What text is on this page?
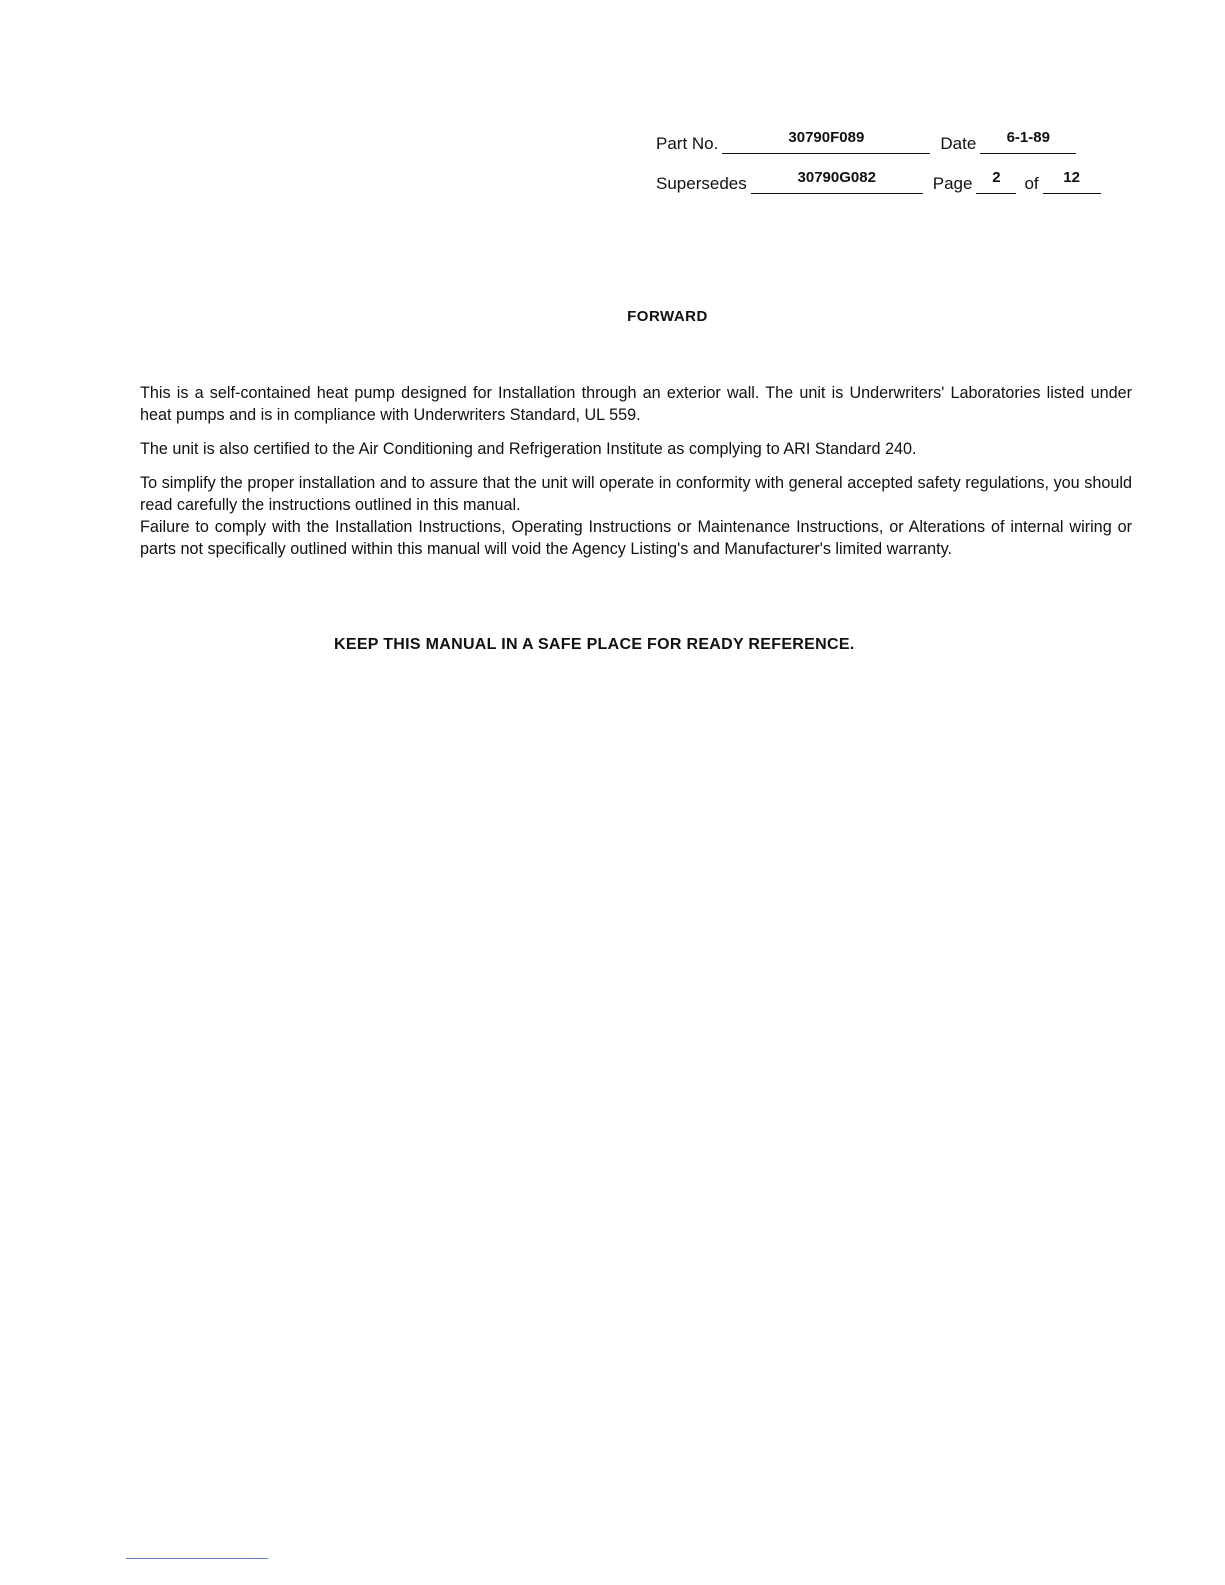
Part No.	30790F089	Date	6-1-89
Supersedes	30790G082	Page	2	of	12
FORWARD

This is a self-contained heat pump designed for Installation through an exterior wall. The unit is Underwriters' Laboratories listed under heat pumps and is in compliance with Underwriters Standard, UL 559.

The unit is also certified to the Air Conditioning and Refrigeration Institute as complying to ARI Standard 240.

To simplify the proper installation and to assure that the unit will operate in conformity with general accepted safety regulations, you should read carefully the instructions outlined in this manual.

Failure to comply with the Installation Instructions, Operating Instructions or Maintenance Instructions, or Alterations of internal wiring or parts not specifically outlined within this manual will void the Agency Listing's and Manufacturer's limited warranty.

KEEP THIS MANUAL IN A SAFE PLACE FOR READY REFERENCE.
